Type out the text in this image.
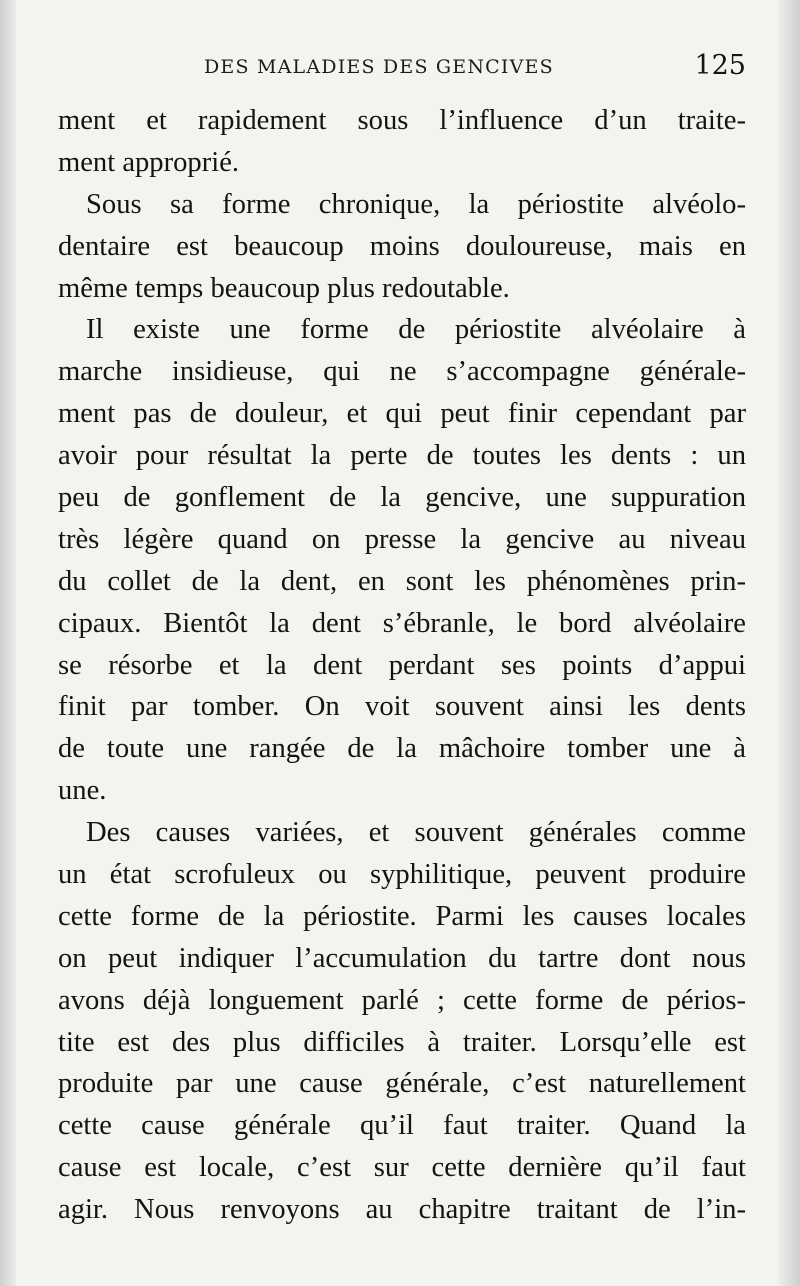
DES MALADIES DES GENCIVES	125
ment et rapidement sous l’influence d’un traite-
ment approprié.
Sous sa forme chronique, la périostite alvéolo-
dentaire est beaucoup moins douloureuse, mais en
même temps beaucoup plus redoutable.
Il existe une forme de périostite alvéolaire à
marche insidieuse, qui ne s’accompagne générale-
ment pas de douleur, et qui peut finir cependant par
avoir pour résultat la perte de toutes les dents : un
peu de gonflement de la gencive, une suppuration
très légère quand on presse la gencive au niveau
du collet de la dent, en sont les phénomènes prin-
cipaux. Bientôt la dent s’ébranle, le bord alvéolaire
se résorbe et la dent perdant ses points d’appui
finit par tomber. On voit souvent ainsi les dents
de toute une rangée de la mâchoire tomber une à
une.
Des causes variées, et souvent générales comme
un état scrofuleux ou syphilitique, peuvent produire
cette forme de la périostite. Parmi les causes locales
on peut indiquer l’accumulation du tartre dont nous
avons déjà longuement parlé ; cette forme de périos-
tite est des plus difficiles à traiter. Lorsqu’elle est
produite par une cause générale, c’est naturellement
cette cause générale qu’il faut traiter. Quand la
cause est locale, c’est sur cette dernière qu’il faut
agir. Nous renvoyons au chapitre traitant de l’in-
